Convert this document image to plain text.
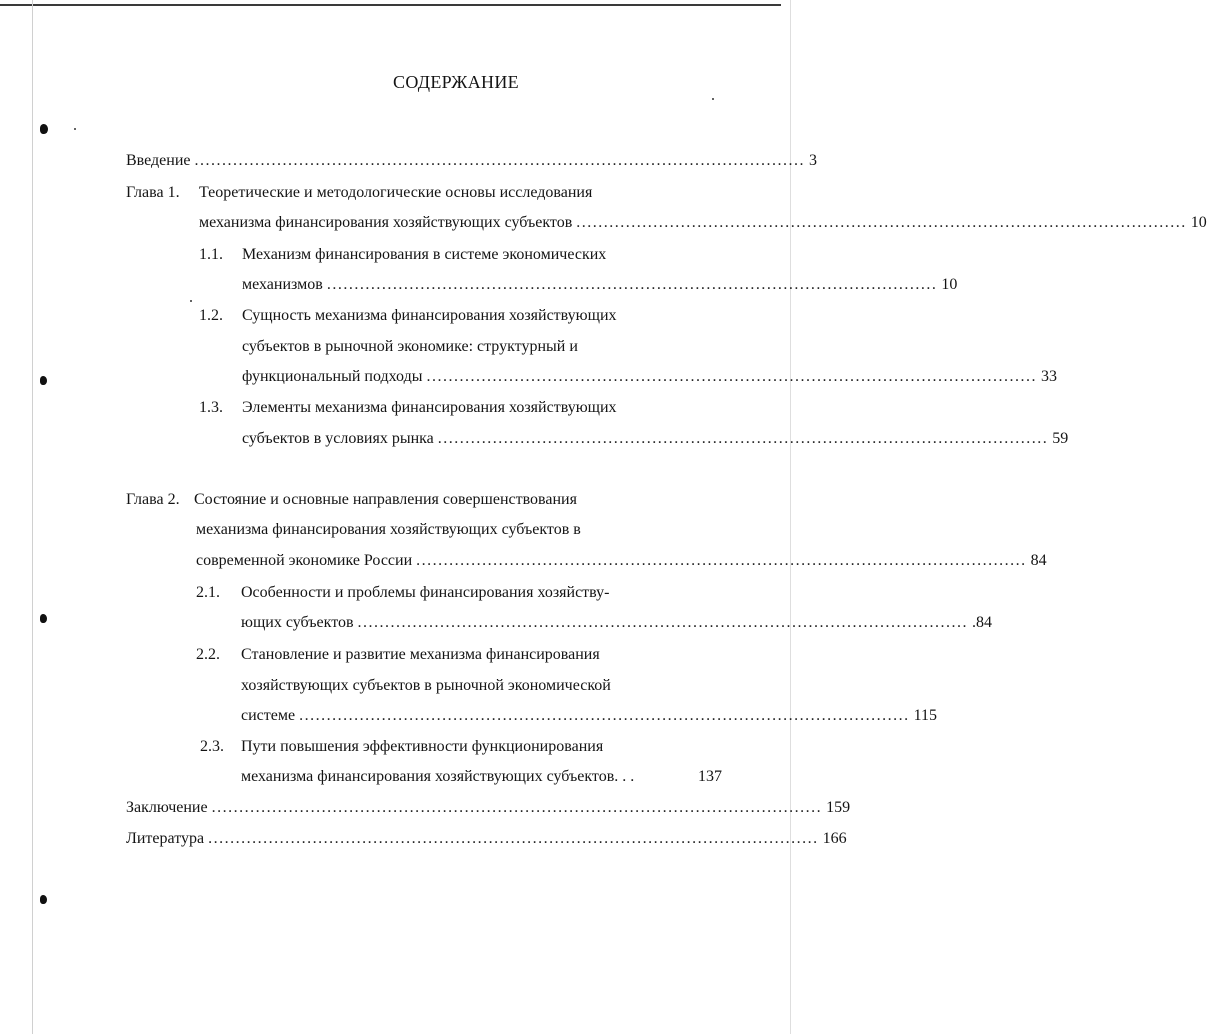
СОДЕРЖАНИЕ
Введение ............................................................................................................... 3
Глава 1. Теоретические и методологические основы исследования
механизма финансирования хозяйствующих субъектов ............................................................................................................... 10
1.1. Механизм финансирования в системе экономических
механизмов ............................................................................................................... 10
1.2. Сущность механизма финансирования хозяйствующих
субъектов в рыночной экономике: структурный и
функциональный подходы ............................................................................................................... 33
1.3. Элементы механизма финансирования хозяйствующих
субъектов в условиях рынка ............................................................................................................... 59
Глава 2. Состояние и основные направления совершенствования
механизма финансирования хозяйствующих субъектов в
современной экономике России ............................................................................................................... 84
2.1. Особенности и проблемы финансирования хозяйству-
ющих субъектов ............................................................................................................... .84
2.2. Становление и развитие механизма финансирования
хозяйствующих субъектов в рыночной экономической
системе ............................................................................................................... 115
2.3. Пути повышения эффективности функционирования
механизма финансирования хозяйствующих субъектов. . .	137
Заключение ............................................................................................................... 159
Литература ............................................................................................................... 166
